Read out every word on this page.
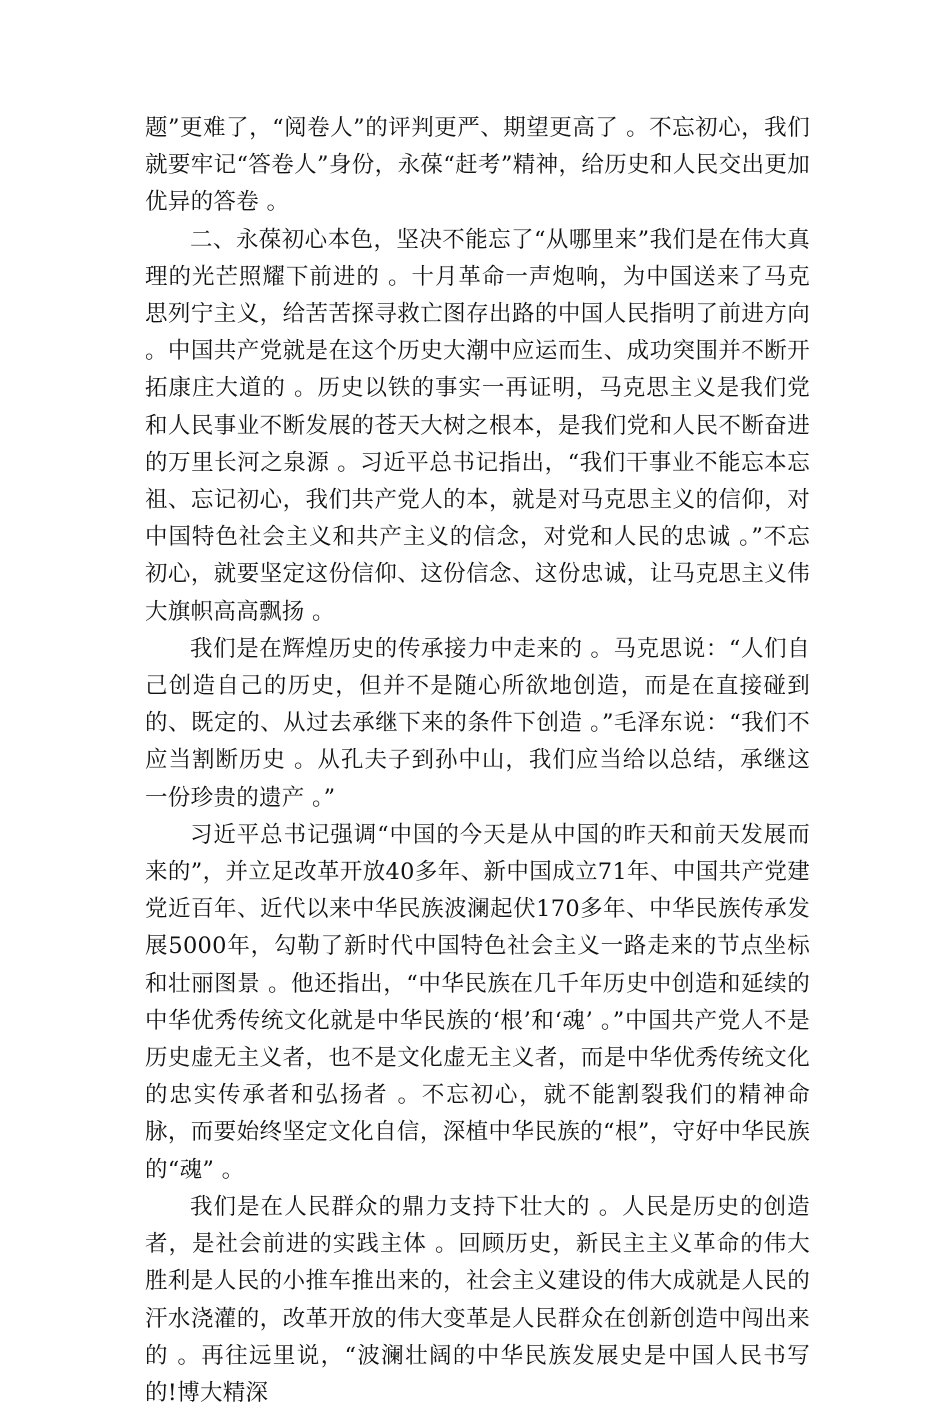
题”更难了，“阅卷人”的评判更严、期望更高了 。不忘初心，我们就要牢记“答卷人”身份，永葆“赶考”精神，给历史和人民交出更加优异的答卷 。

二、永葆初心本色，坚决不能忘了“从哪里来”我们是在伟大真理的光芒照耀下前进的 。十月革命一声炮响，为中国送来了马克思列宁主义，给苦苦探寻救亡图存出路的中国人民指明了前进方向 。中国共产党就是在这个历史大潮中应运而生、成功突围并不断开拓康庄大道的 。历史以铁的事实一再证明，马克思主义是我们党和人民事业不断发展的苍天大树之根本，是我们党和人民不断奋进的万里长河之泉源 。习近平总书记指出，“我们干事业不能忘本忘祖、忘记初心，我们共产党人的本，就是对马克思主义的信仰，对中国特色社会主义和共产主义的信念，对党和人民的忠诚 。”不忘初心，就要坚定这份信仰、这份信念、这份忠诚，让马克思主义伟大旗帜高高飘扬 。

我们是在辉煌历史的传承接力中走来的 。马克思说：“人们自己创造自己的历史，但并不是随心所欲地创造，而是在直接碰到的、既定的、从过去承继下来的条件下创造 。”毛泽东说：“我们不应当割断历史 。从孔夫子到孙中山，我们应当给以总结，承继这一份珍贵的遗产 。”

习近平总书记强调“中国的今天是从中国的昨天和前天发展而来的”，并立足改革开放40多年、新中国成立71年、中国共产党建党近百年、近代以来中华民族波澜起伏170多年、中华民族传承发展5000年，勾勒了新时代中国特色社会主义一路走来的节点坐标和壮丽图景 。他还指出，“中华民族在几千年历史中创造和延续的中华优秀传统文化就是中华民族的‘根’和‘魂’ 。”中国共产党人不是历史虚无主义者，也不是文化虚无主义者，而是中华优秀传统文化的忠实传承者和弘扬者 。不忘初心，就不能割裂我们的精神命脉，而要始终坚定文化自信，深植中华民族的“根”，守好中华民族的“魂” 。

我们是在人民群众的鼎力支持下壮大的 。人民是历史的创造者，是社会前进的实践主体 。回顾历史，新民主主义革命的伟大胜利是人民的小推车推出来的，社会主义建设的伟大成就是人民的汗水浇灌的，改革开放的伟大变革是人民群众在创新创造中闯出来的 。再往远里说，“波澜壮阔的中华民族发展史是中国人民书写的!博大精深
